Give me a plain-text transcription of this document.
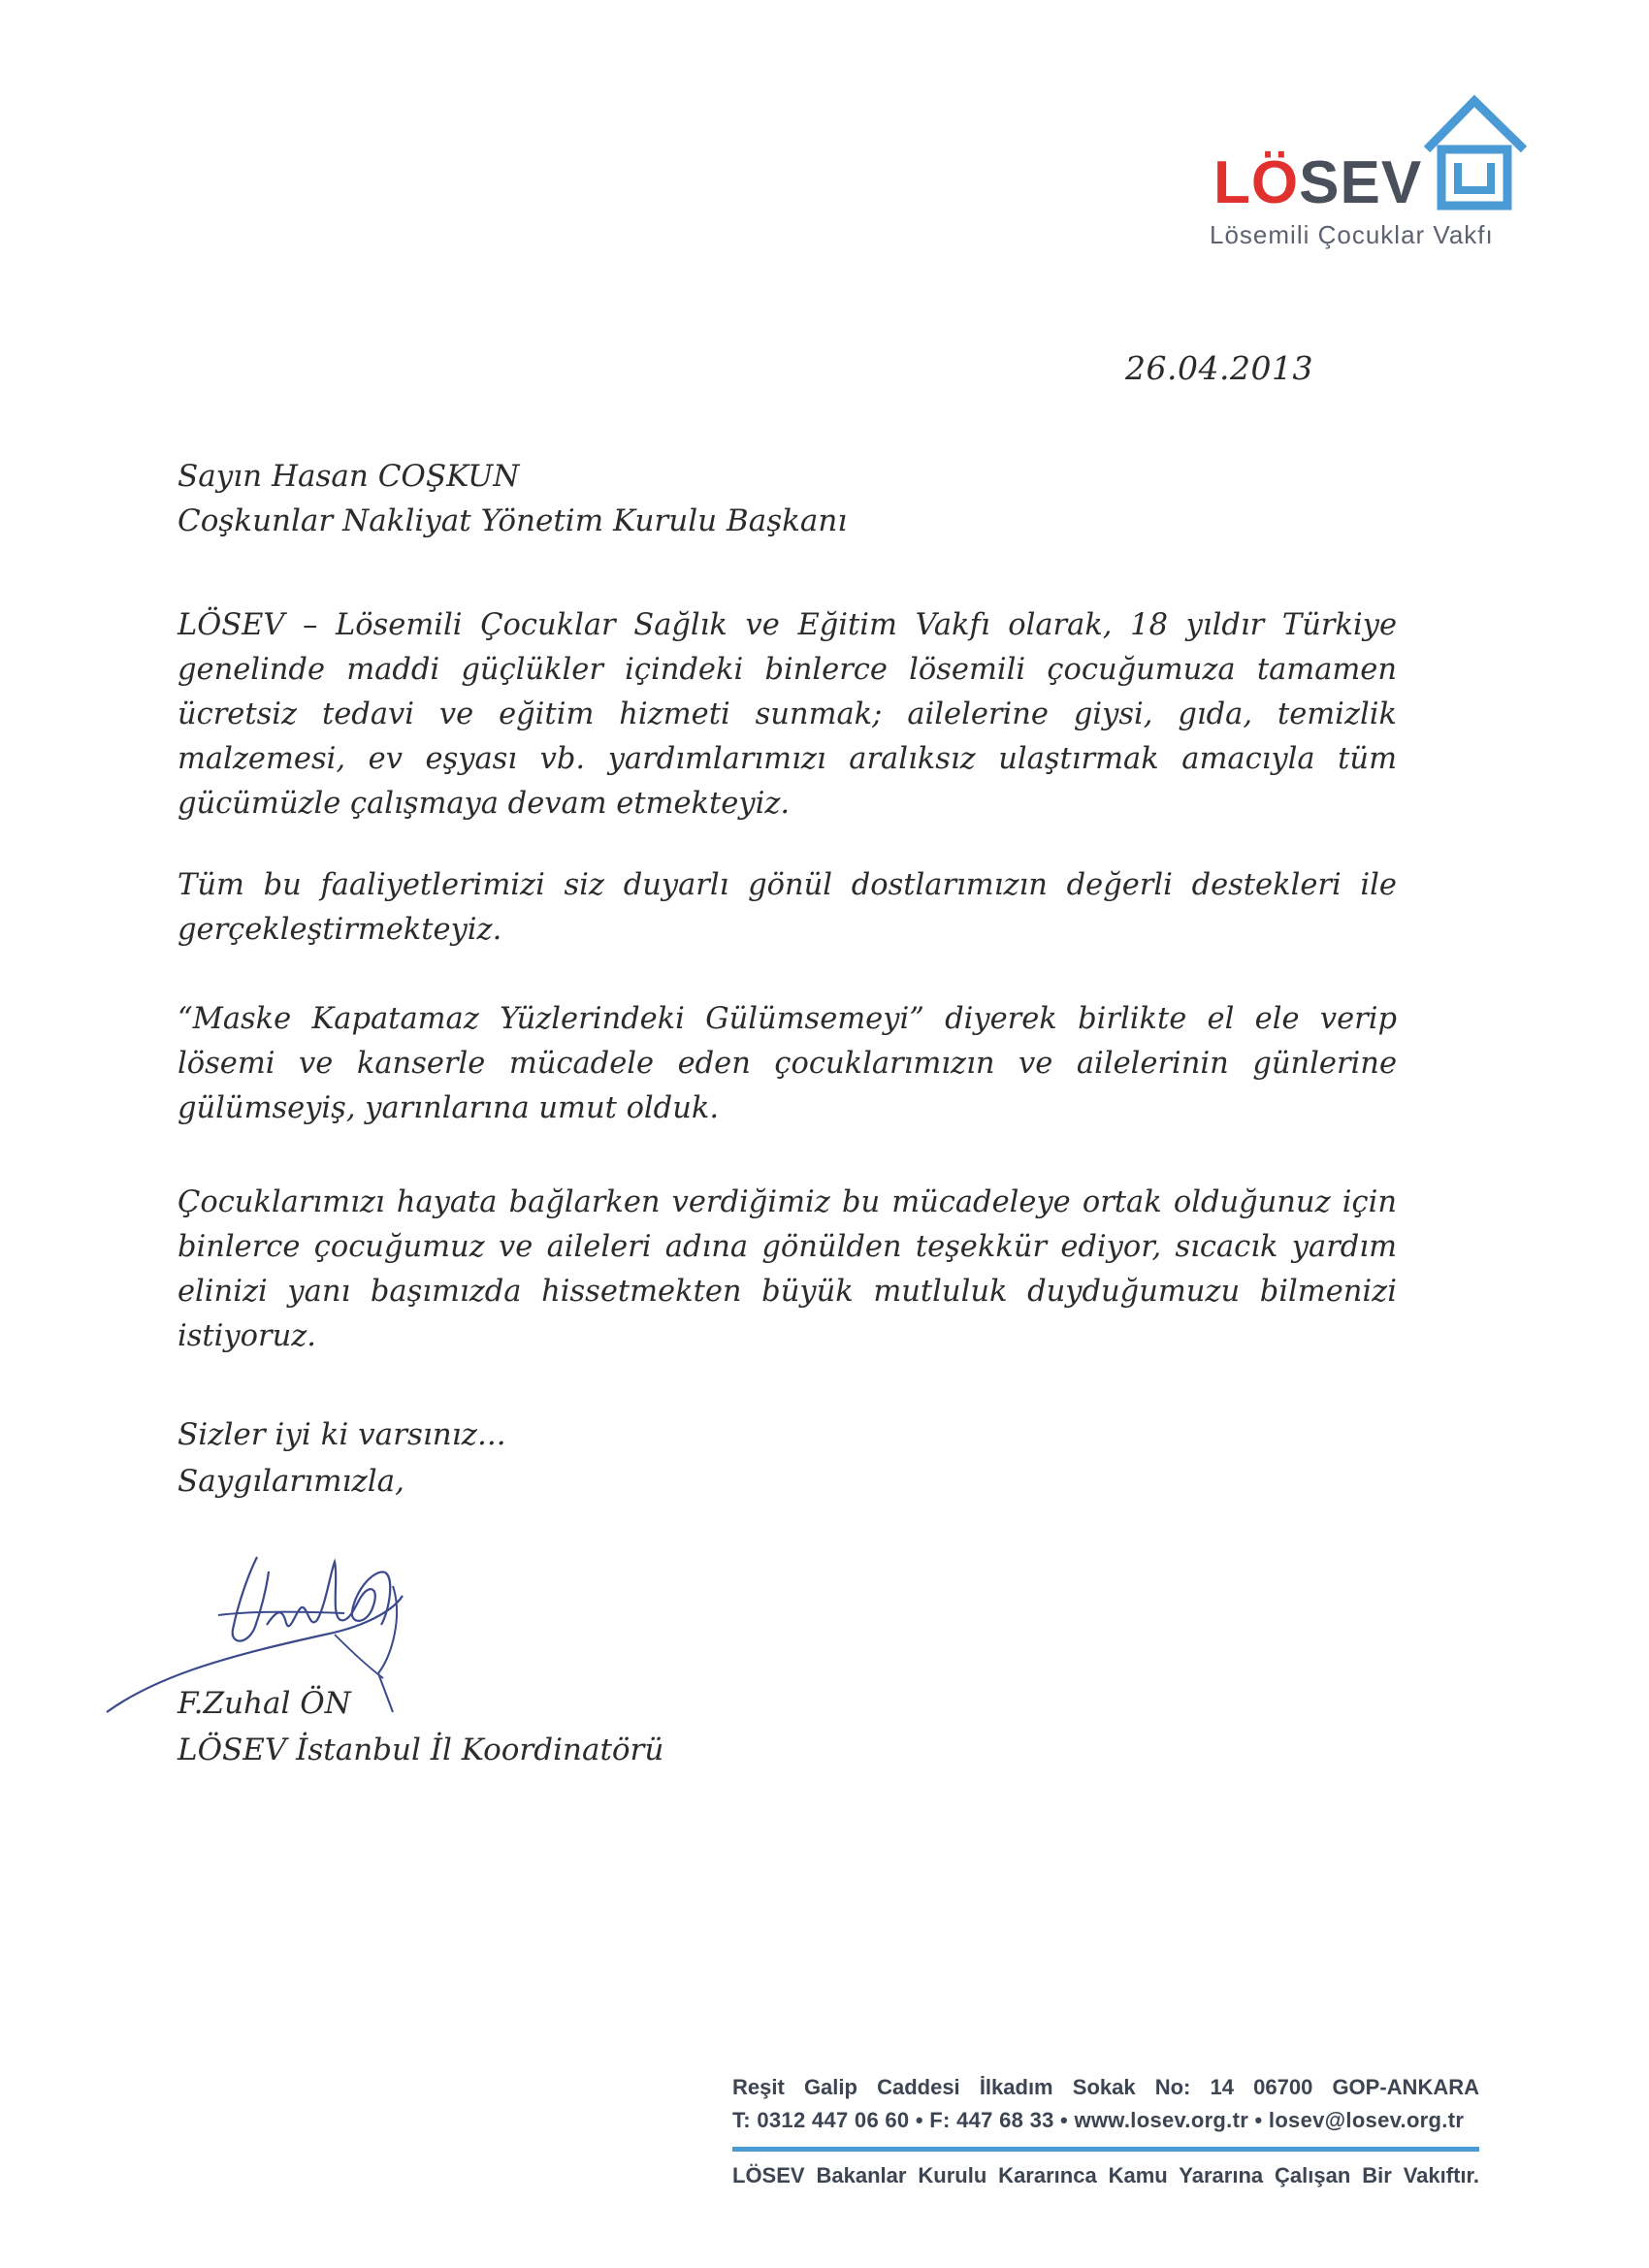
LÖSEV
Lösemili Çocuklar Vakfı
26.04.2013
Sayın Hasan COŞKUN
Coşkunlar Nakliyat Yönetim Kurulu Başkanı
LÖSEV – Lösemili Çocuklar Sağlık ve Eğitim Vakfı olarak, 18 yıldır Türkiye genelinde maddi güçlükler içindeki binlerce lösemili çocuğumuza tamamen ücretsiz tedavi ve eğitim hizmeti sunmak; ailelerine giysi, gıda, temizlik malzemesi, ev eşyası vb. yardımlarımızı aralıksız ulaştırmak amacıyla tüm gücümüzle çalışmaya devam etmekteyiz.
Tüm bu faaliyetlerimizi siz duyarlı gönül dostlarımızın değerli destekleri ile gerçekleştirmekteyiz.
“Maske Kapatamaz Yüzlerindeki Gülümsemeyi” diyerek birlikte el ele verip lösemi ve kanserle mücadele eden çocuklarımızın ve ailelerinin günlerine gülümseyiş, yarınlarına umut olduk.
Çocuklarımızı hayata bağlarken verdiğimiz bu mücadeleye ortak olduğunuz için binlerce çocuğumuz ve aileleri adına gönülden teşekkür ediyor, sıcacık yardım elinizi yanı başımızda hissetmekten büyük mutluluk duyduğumuzu bilmenizi istiyoruz.
Sizler iyi ki varsınız...
Saygılarımızla,
F.Zuhal ÖN
LÖSEV İstanbul İl Koordinatörü
Reşit Galip Caddesi İlkadım Sokak No: 14 06700 GOP-ANKARA
T: 0312 447 06 60 • F: 447 68 33 • www.losev.org.tr • losev@losev.org.tr
LÖSEV Bakanlar Kurulu Kararınca Kamu Yararına Çalışan Bir Vakıftır.
